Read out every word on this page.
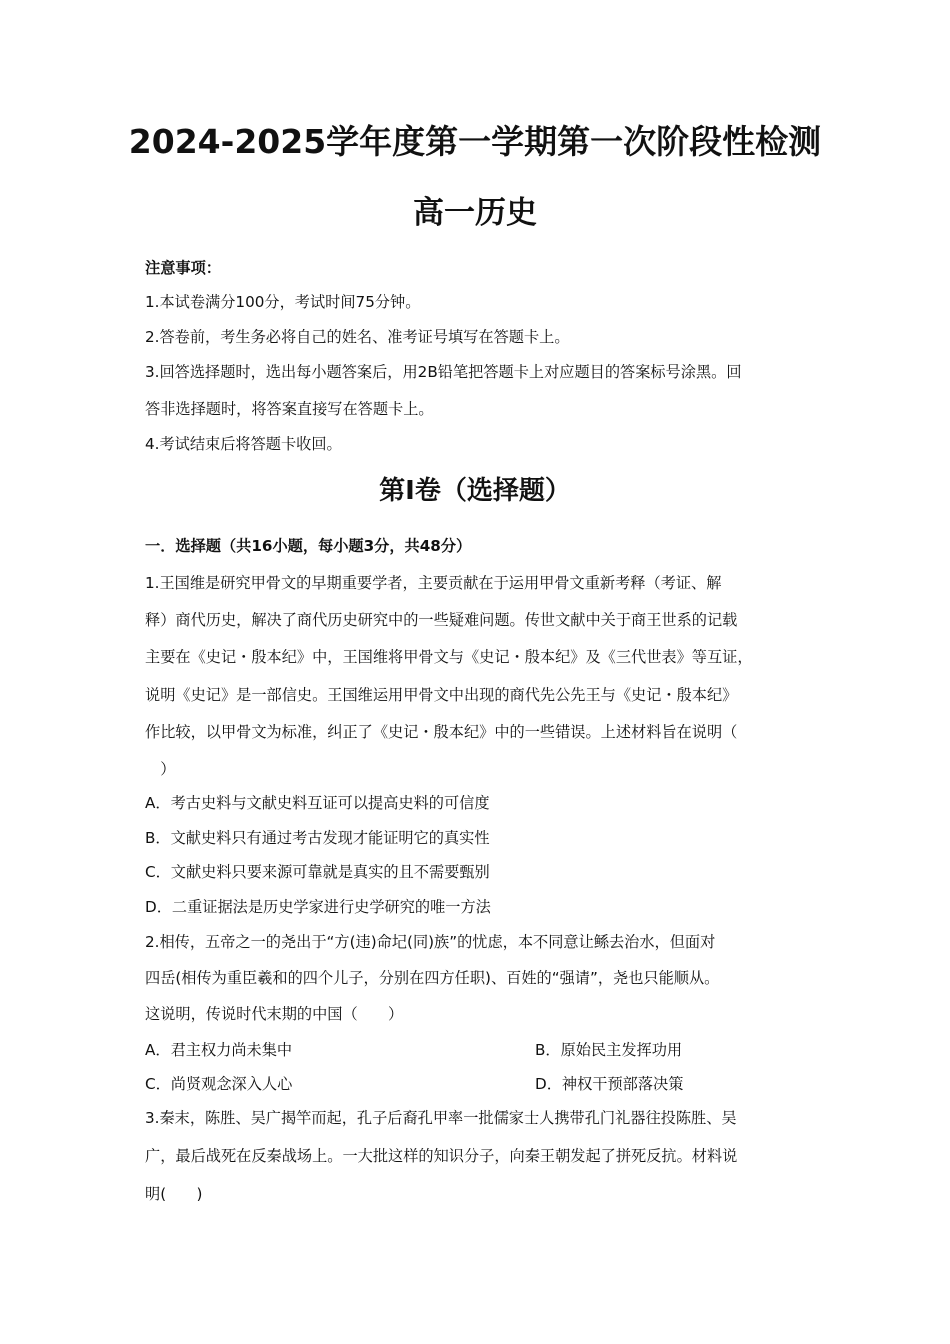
2024-2025学年度第一学期第一次阶段性检测
高一历史
注意事项：
1.本试卷满分100分，考试时间75分钟。
2.答卷前，考生务必将自己的姓名、准考证号填写在答题卡上。
3.回答选择题时，选出每小题答案后，用2B铅笔把答题卡上对应题目的答案标号涂黑。回
答非选择题时，将答案直接写在答题卡上。
4.考试结束后将答题卡收回。
第Ⅰ卷（选择题）
一．选择题（共16小题，每小题3分，共48分）
1.王国维是研究甲骨文的早期重要学者，主要贡献在于运用甲骨文重新考释（考证、解
释）商代历史，解决了商代历史研究中的一些疑难问题。传世文献中关于商王世系的记载
主要在《史记・殷本纪》中，王国维将甲骨文与《史记・殷本纪》及《三代世表》等互证，
说明《史记》是一部信史。王国维运用甲骨文中出现的商代先公先王与《史记・殷本纪》
作比较，以甲骨文为标准，纠正了《史记・殷本纪》中的一些错误。上述材料旨在说明（
　）
A．考古史料与文献史料互证可以提高史料的可信度
B．文献史料只有通过考古发现才能证明它的真实性
C．文献史料只要来源可靠就是真实的且不需要甄别
D．二重证据法是历史学家进行史学研究的唯一方法
2.相传，五帝之一的尧出于“方(违)命圮(同)族”的忧虑，本不同意让鲧去治水，但面对
四岳(相传为重臣羲和的四个儿子，分别在四方任职)、百姓的“强请”，尧也只能顺从。
这说明，传说时代末期的中国（　　）
A．君主权力尚未集中	B．原始民主发挥功用
C．尚贤观念深入人心	D．神权干预部落决策
3.秦末，陈胜、吴广揭竿而起，孔子后裔孔甲率一批儒家士人携带孔门礼器往投陈胜、吴
广，最后战死在反秦战场上。一大批这样的知识分子，向秦王朝发起了拼死反抗。材料说
明(　　)
